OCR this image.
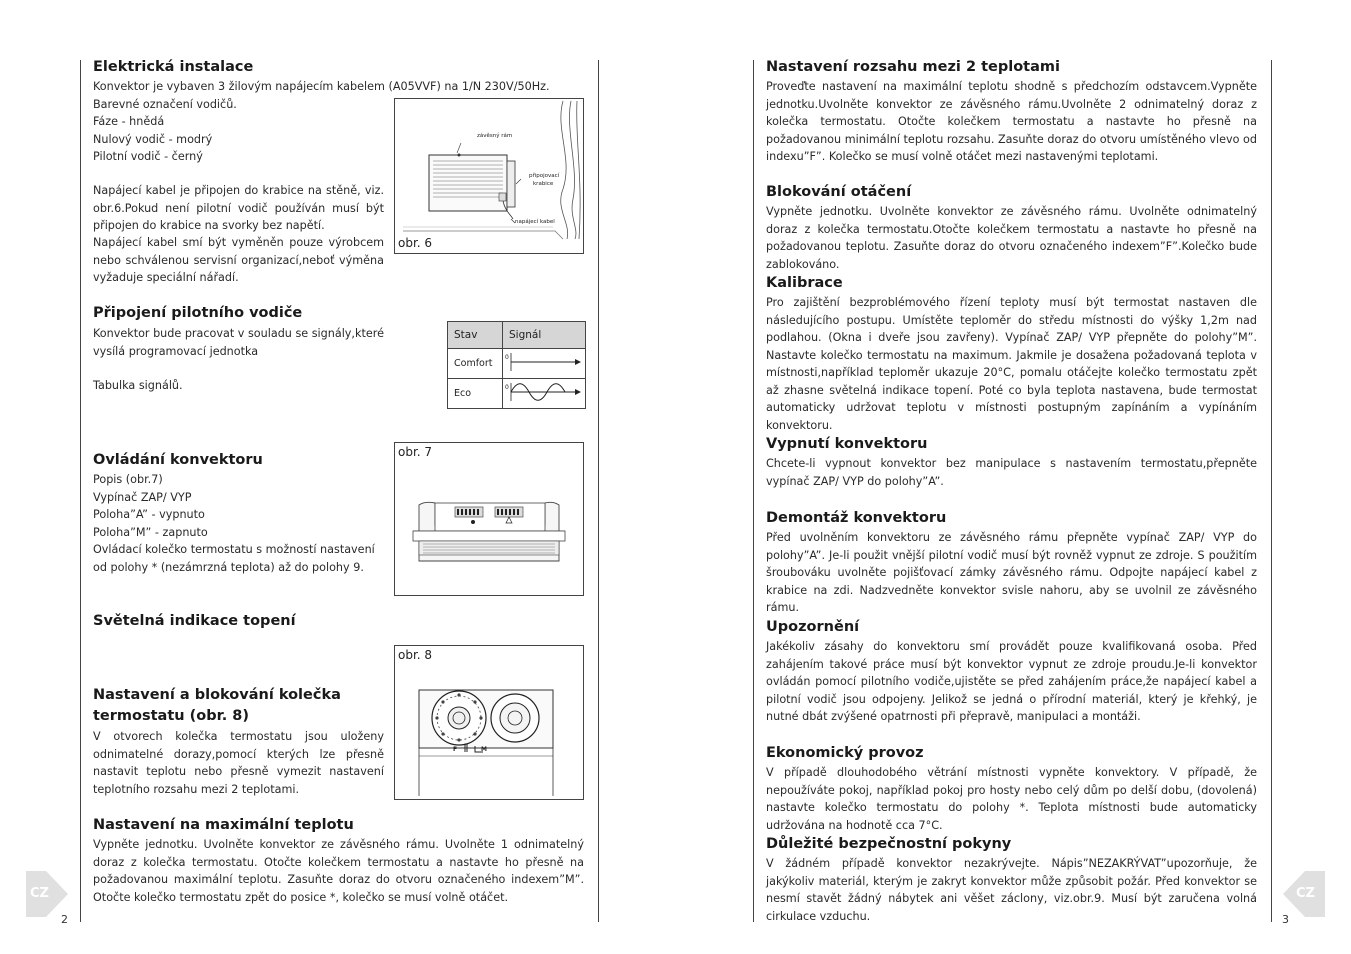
Elektrická instalace
Konvektor je vybaven 3 žilovým napájecím kabelem (A05VVF) na 1/N 230V/50Hz.
Barevné označení vodičů.
Fáze - hnědá
Nulový vodič - modrý
Pilotní vodič - černý

Napájecí kabel je připojen do krabice na stěně, viz. obr.6.Pokud není pilotní vodič používán musí být připojen do krabice na svorky bez napětí.

Napájecí kabel smí být vyměněn pouze výrobcem nebo schválenou servisní organizací,neboť výměna vyžaduje speciální nářadí.

závěsný rám
připojovací
krabice
napájecí kabel
obr. 6
Připojení pilotního vodiče

Konvektor bude pracovat v souladu se signály,které vysílá programovací jednotka

Tabulka signálů.

Stav	Signál
Comfort	0

Eco	0
Ovládání konvektoru
Popis (obr.7)
Vypínač ZAP/ VYP
Poloha”A” - vypnuto
Poloha”M” - zapnuto

Ovládací kolečko termostatu s možností nastavení od polohy * (nezámrzná teplota) až do polohy 9.

obr. 7
Světelná indikace topení
obr. 8
F	M
Nastavení a blokování kolečka
termostatu (obr. 8)

V otvorech kolečka termostatu jsou uloženy odnimatelné dorazy,pomocí kterých lze přesně nastavit teplotu nebo přesně vymezit nastavení teplotního rozsahu mezi 2 teplotami.

Nastavení na maximální teplotu

Vypněte jednotku. Uvolněte konvektor ze závěsného rámu. Uvolněte 1 odnimatelný doraz z kolečka termostatu. Otočte kolečkem termostatu a nastavte ho přesně na požadovanou maximální teplotu. Zasuňte doraz do otvoru označeného indexem”M”. Otočte kolečko termostatu zpět do posice *, kolečko se musí volně otáčet.

CZ
2
Nastavení rozsahu mezi 2 teplotami

Proveďte nastavení na maximální teplotu shodně s předchozím odstavcem.Vypněte jednotku.Uvolněte konvektor ze závěsného rámu.Uvolněte 2 odnimatelný doraz z kolečka termostatu. Otočte kolečkem termostatu a nastavte ho přesně na požadovanou minimální teplotu rozsahu. Zasuňte doraz do otvoru umístěného vlevo od indexu”F”. Kolečko se musí volně otáčet mezi nastavenými teplotami.

Blokování otáčení

Vypněte jednotku. Uvolněte konvektor ze závěsného rámu. Uvolněte odnimatelný doraz z kolečka termostatu.Otočte kolečkem termostatu a nastavte ho přesně na požadovanou teplotu. Zasuňte doraz do otvoru označeného indexem”F”.Kolečko bude zablokováno.

Kalibrace

Pro zajištění bezproblémového řízení teploty musí být termostat nastaven dle následujícího postupu. Umístěte teploměr do středu místnosti do výšky 1,2m nad podlahou. (Okna i dveře jsou zavřeny). Vypínač ZAP/ VYP přepněte do polohy”M”. Nastavte kolečko termostatu na maximum. Jakmile je dosažena požadovaná teplota v místnosti,například teploměr ukazuje 20°C, pomalu otáčejte kolečko termostatu zpět až zhasne světelná indikace topení. Poté co byla teplota nastavena, bude termostat automaticky udržovat teplotu v místnosti postupným zapínáním a vypínáním konvektoru.

Vypnutí konvektoru

Chcete-li vypnout konvektor bez manipulace s nastavením termostatu,přepněte vypínač ZAP/ VYP do polohy”A”.

Demontáž konvektoru

Před uvolněním konvektoru ze závěsného rámu přepněte vypínač ZAP/ VYP do polohy”A”. Je-li použit vnější pilotní vodič musí být rovněž vypnut ze zdroje. S použitím šroubováku uvolněte pojišťovací zámky závěsného rámu. Odpojte napájecí kabel z krabice na zdi. Nadzvedněte konvektor svisle nahoru, aby se uvolnil ze závěsného rámu.

Upozornění

Jakékoliv zásahy do konvektoru smí provádět pouze kvalifikovaná osoba. Před zahájením takové práce musí být konvektor vypnut ze zdroje proudu.Je-li konvektor ovládán pomocí pilotního vodiče,ujistěte se před zahájením práce,že napájecí kabel a pilotní vodič jsou odpojeny. Jelikož se jedná o přírodní materiál, který je křehký, je nutné dbát zvýšené opatrnosti při přepravě, manipulaci a montáži.

Ekonomický provoz

V případě dlouhodobého větrání místnosti vypněte konvektory. V případě, že nepoužíváte pokoj, například pokoj pro hosty nebo celý dům po delší dobu, (dovolená) nastavte kolečko termostatu do polohy *. Teplota místnosti bude automaticky udržována na hodnotě cca 7°C.

Důležité bezpečnostní pokyny

V žádném případě konvektor nezakrývejte. Nápis”NEZAKRÝVAT”upozorňuje, že jakýkoliv materiál, kterým je zakryt konvektor může způsobit požár. Před konvektor se nesmí stavět žádný nábytek ani věšet záclony, viz.obr.9. Musí být zaručena volná cirkulace vzduchu.

CZ
3
